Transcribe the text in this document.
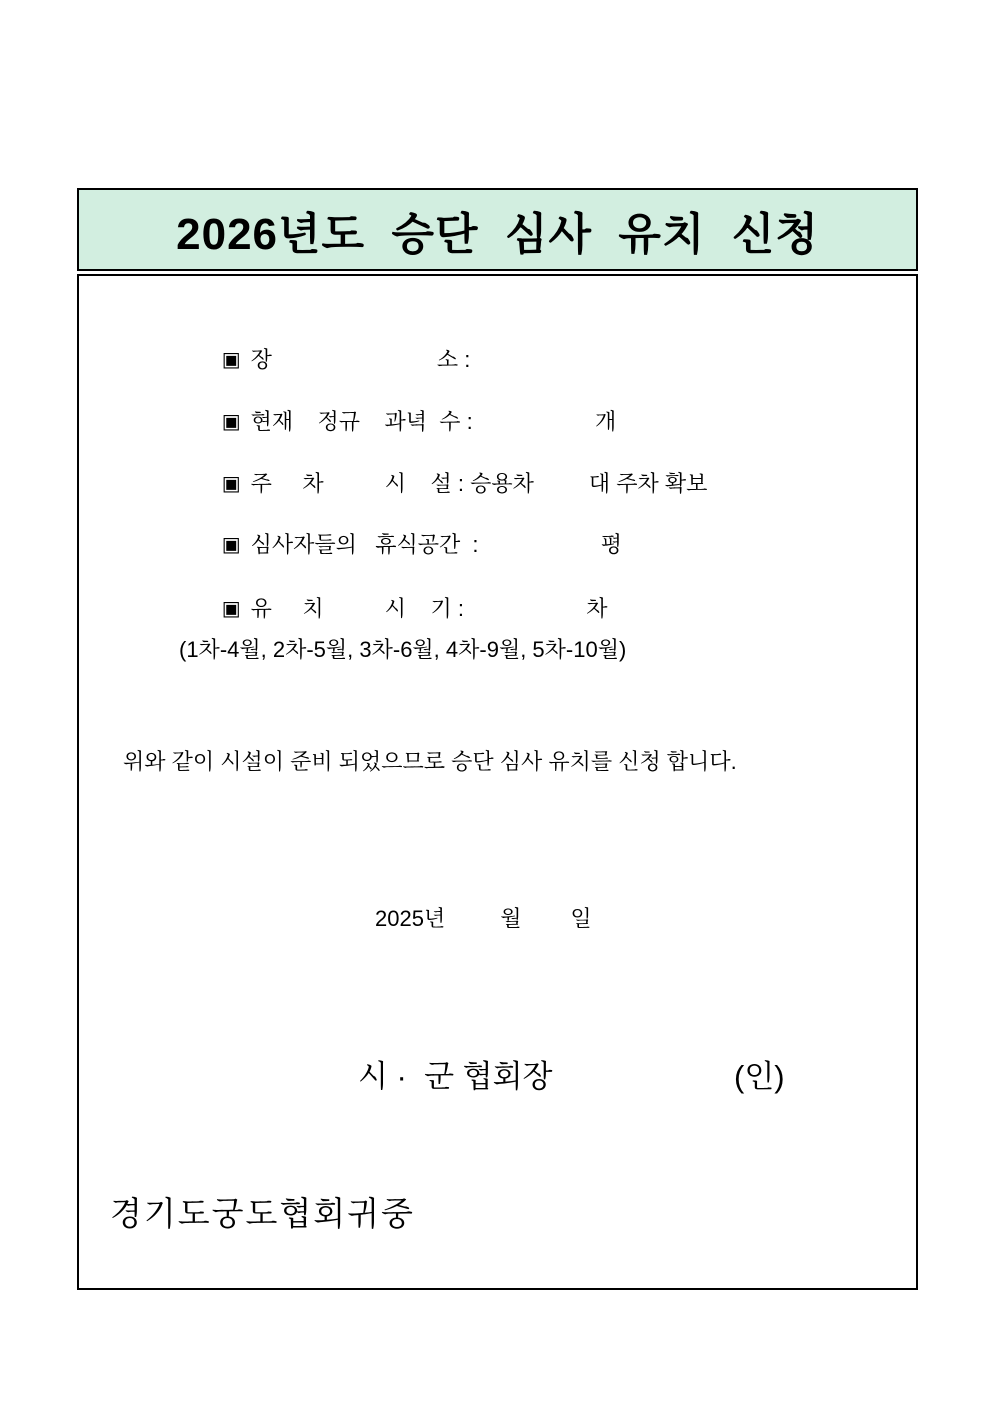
2026년도  승단  심사  유치  신청

▣ 장                           소 :

▣ 현재    정규    과녁  수 :                    개

▣ 주     차          시    설 : 승용차         대 주차 확보

▣ 심사자들의   휴식공간  :                    평

▣ 유     치          시    기 :                    차

(1차-4월, 2차-5월, 3차-6월, 4차-9월, 5차-10월)
위와 같이 시설이 준비 되었으므로 승단 심사 유치를 신청 합니다.
2025년         월        일

시 ·  군 협회장

	(인)

경기도궁도협회귀중
